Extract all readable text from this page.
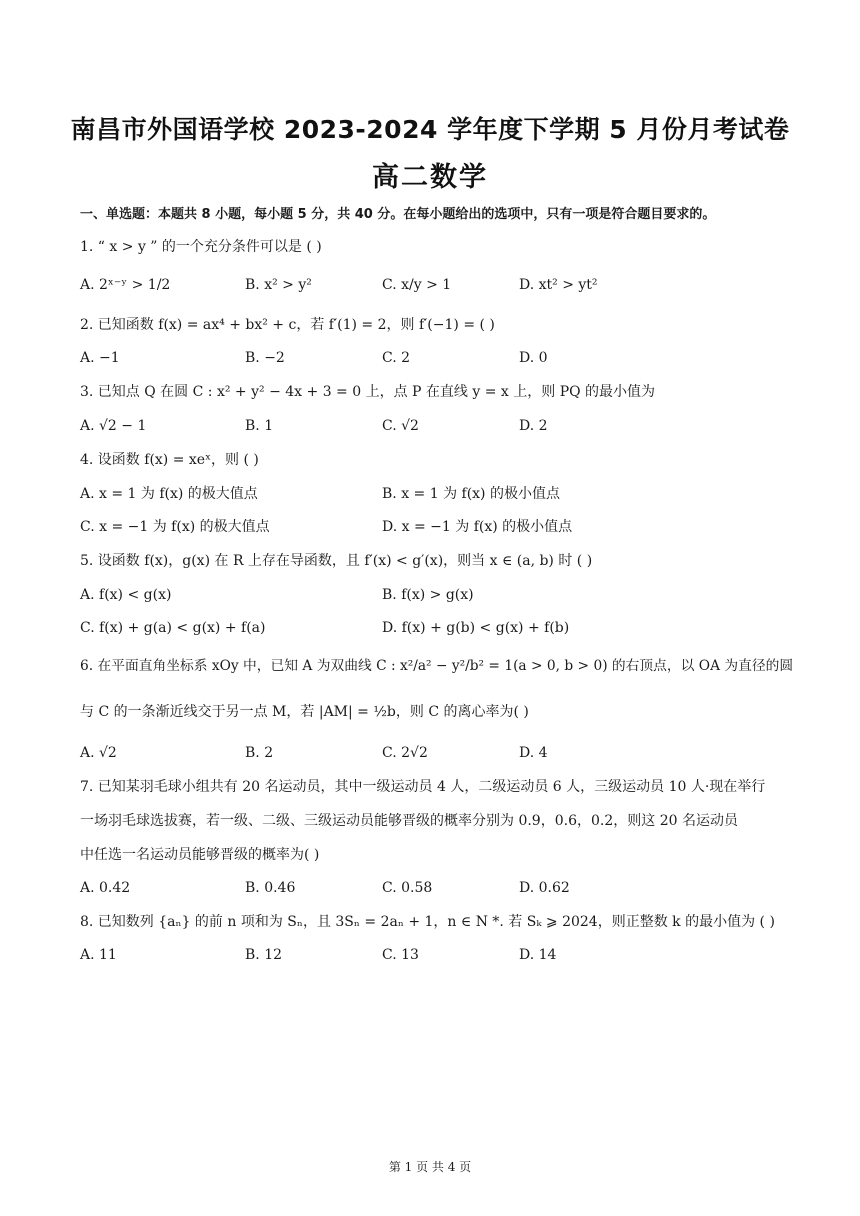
南昌市外国语学校 2023-2024 学年度下学期 5 月份月考试卷
高二数学
一、单选题：本题共 8 小题，每小题 5 分，共 40 分。在每小题给出的选项中，只有一项是符合题目要求的。
1. “ x > y ” 的一个充分条件可以是 ( )
A. 2ˣ⁻ʸ > 1/2	B. x² > y²	C. x/y > 1	D. xt² > yt²
2. 已知函数 f(x) = ax⁴ + bx² + c，若 f′(1) = 2，则 f′(−1) = ( )
A. −1	B. −2	C. 2	D. 0
3. 已知点 Q 在圆 C : x² + y² − 4x + 3 = 0 上，点 P 在直线 y = x 上，则 PQ 的最小值为
A. √2 − 1	B. 1	C. √2	D. 2
4. 设函数 f(x) = xeˣ，则 ( )
A. x = 1 为 f(x) 的极大值点	B. x = 1 为 f(x) 的极小值点
C. x = −1 为 f(x) 的极大值点	D. x = −1 为 f(x) 的极小值点
5. 设函数 f(x)，g(x) 在 R 上存在导函数，且 f′(x) < g′(x)，则当 x ∈ (a, b) 时 ( )
A. f(x) < g(x)	B. f(x) > g(x)
C. f(x) + g(a) < g(x) + f(a)	D. f(x) + g(b) < g(x) + f(b)
6. 在平面直角坐标系 xOy 中，已知 A 为双曲线 C : x²/a² − y²/b² = 1(a > 0, b > 0) 的右顶点，以 OA 为直径的圆
与 C 的一条渐近线交于另一点 M，若 |AM| = ½b，则 C 的离心率为( )
A. √2	B. 2	C. 2√2	D. 4
7. 已知某羽毛球小组共有 20 名运动员，其中一级运动员 4 人，二级运动员 6 人，三级运动员 10 人·现在举行
一场羽毛球选拔赛，若一级、二级、三级运动员能够晋级的概率分别为 0.9，0.6，0.2，则这 20 名运动员
中任选一名运动员能够晋级的概率为( )
A. 0.42	B. 0.46	C. 0.58	D. 0.62
8. 已知数列 {aₙ} 的前 n 项和为 Sₙ，且 3Sₙ = 2aₙ + 1，n ∈ N *. 若 Sₖ ⩾ 2024，则正整数 k 的最小值为 ( )
A. 11	B. 12	C. 13	D. 14
第 1 页 共 4 页
